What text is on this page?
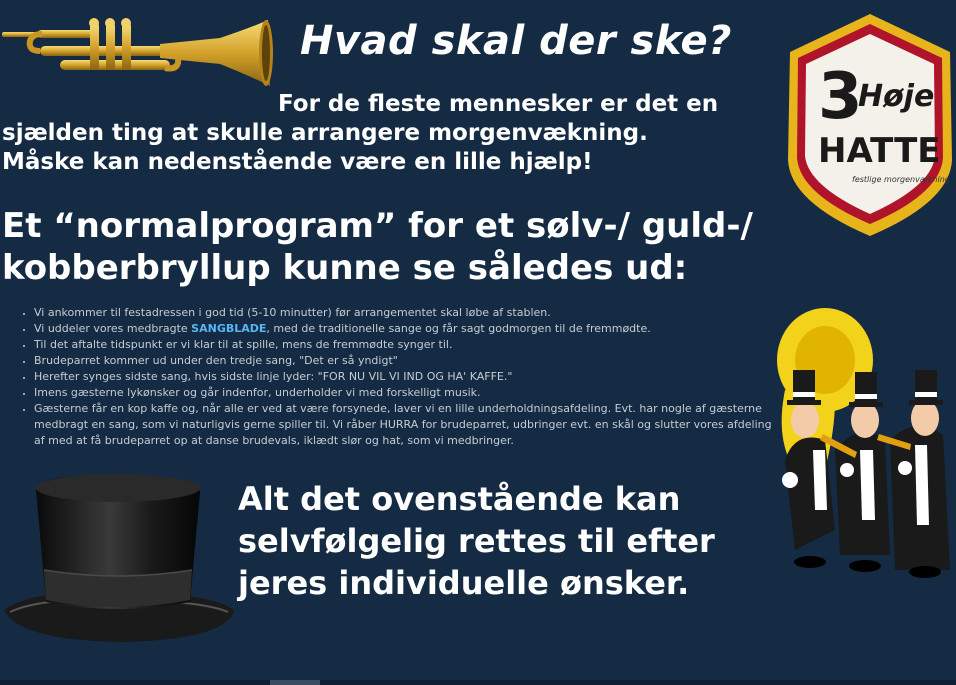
Hvad skal der ske?
3
Høje
HATTE
festlige morgenvækning
For de fleste mennesker er det en
sjælden ting at skulle arrangere morgenvækning.
Måske kan nedenstående være en lille hjælp!
Et “normalprogram” for et sølv-/ guld-/
kobberbryllup kunne se således ud:
• Vi ankommer til festadressen i god tid (5-10 minutter) før arrangementet skal løbe af stablen.
• Vi uddeler vores medbragte SANGBLADE, med de traditionelle sange og får sagt godmorgen til de fremmødte.
• Til det aftalte tidspunkt er vi klar til at spille, mens de fremmødte synger til.
• Brudeparret kommer ud under den tredje sang, "Det er så yndigt"
• Herefter synges sidste sang, hvis sidste linje lyder: "FOR NU VIL VI IND OG HA' KAFFE."
• Imens gæsterne lykønsker og går indenfor, underholder vi med forskelligt musik.
• Gæsterne får en kop kaffe og, når alle er ved at være forsynede, laver vi en lille underholdningsafdeling. Evt. har nogle af gæsterne medbragt en sang, som vi naturligvis gerne spiller til. Vi råber HURRA for brudeparret, udbringer evt. en skål og slutter vores afdeling af med at få brudeparret op at danse brudevals, iklædt slør og hat, som vi medbringer.
Alt det ovenstående kan
selvfølgelig rettes til efter
jeres individuelle ønsker.
